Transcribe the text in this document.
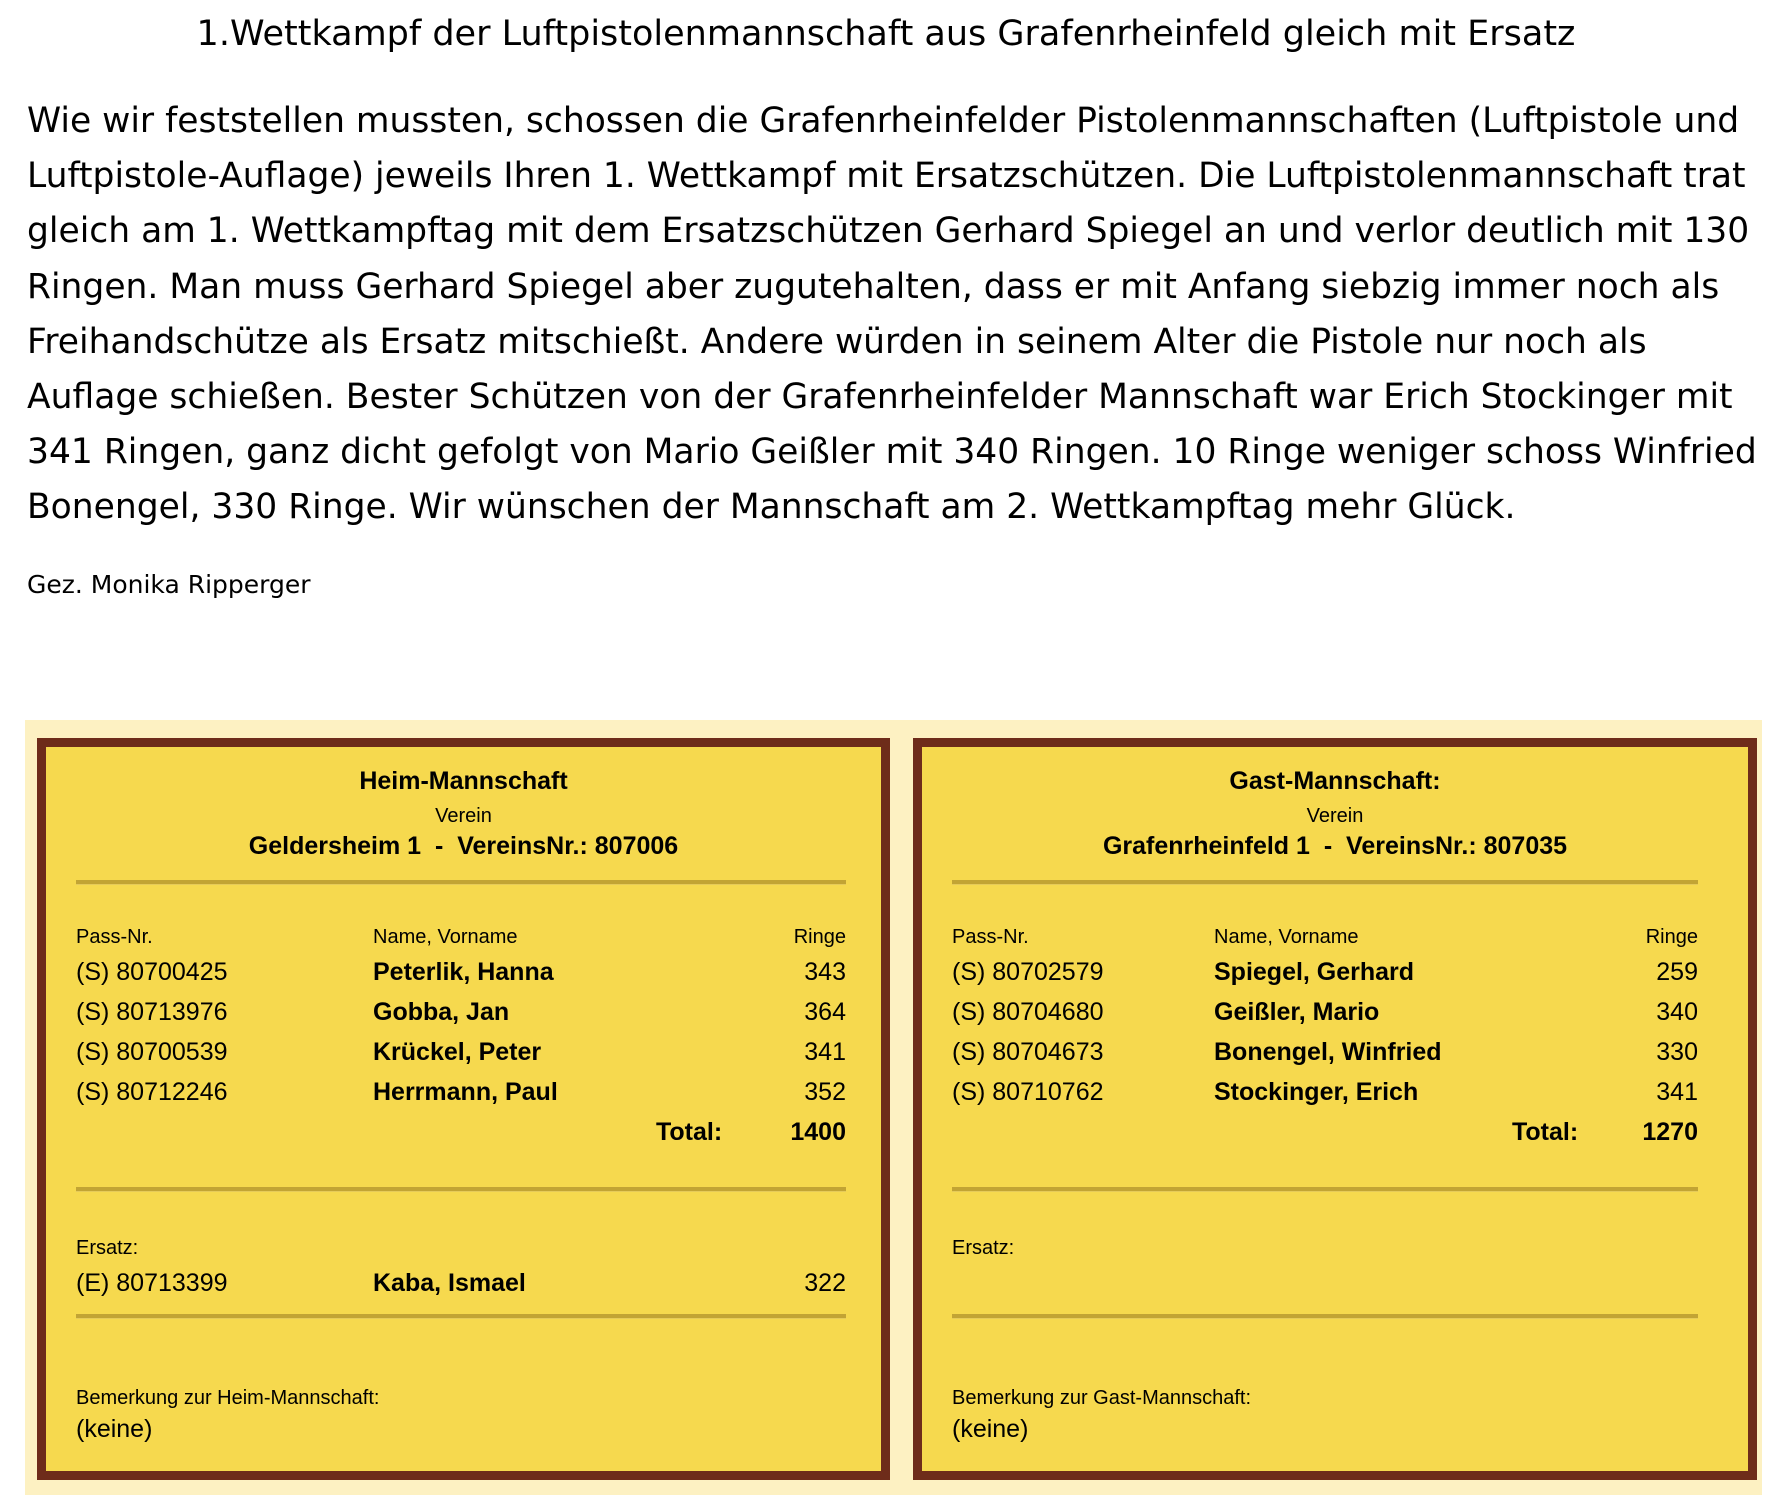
1.Wettkampf der Luftpistolenmannschaft aus Grafenrheinfeld gleich mit Ersatz

Wie wir feststellen mussten, schossen die Grafenrheinfelder Pistolenmannschaften (Luftpistole und Luftpistole-Auflage) jeweils Ihren 1. Wettkampf mit Ersatzschützen. Die Luftpistolenmannschaft trat gleich am 1. Wettkampftag mit dem Ersatzschützen Gerhard Spiegel an und verlor deutlich mit 130 Ringen. Man muss Gerhard Spiegel aber zugutehalten, dass er mit Anfang siebzig immer noch als Freihandschütze als Ersatz mitschießt. Andere würden in seinem Alter die Pistole nur noch als Auflage schießen. Bester Schützen von der Grafenrheinfelder Mannschaft war Erich Stockinger mit 341 Ringen, ganz dicht gefolgt von Mario Geißler mit 340 Ringen. 10 Ringe weniger schoss Winfried Bonengel, 330 Ringe. Wir wünschen der Mannschaft am 2. Wettkampftag mehr Glück.

Gez. Monika Ripperger
Heim-Mannschaft
Verein
Geldersheim 1  -  VereinsNr.: 807006
Pass-Nr.	Name, Vorname	Ringe
(S) 80700425	Peterlik, Hanna	343
(S) 80713976	Gobba, Jan	364
(S) 80700539	Krückel, Peter	341
(S) 80712246	Herrmann, Paul	352
Total:	1400
Ersatz:
(E) 80713399	Kaba, Ismael	322
Bemerkung zur Heim-Mannschaft:
(keine)
Gast-Mannschaft:
Verein
Grafenrheinfeld 1  -  VereinsNr.: 807035
Pass-Nr.	Name, Vorname	Ringe
(S) 80702579	Spiegel, Gerhard	259
(S) 80704680	Geißler, Mario	340
(S) 80704673	Bonengel, Winfried	330
(S) 80710762	Stockinger, Erich	341
Total:	1270
Ersatz:
Bemerkung zur Gast-Mannschaft:
(keine)
